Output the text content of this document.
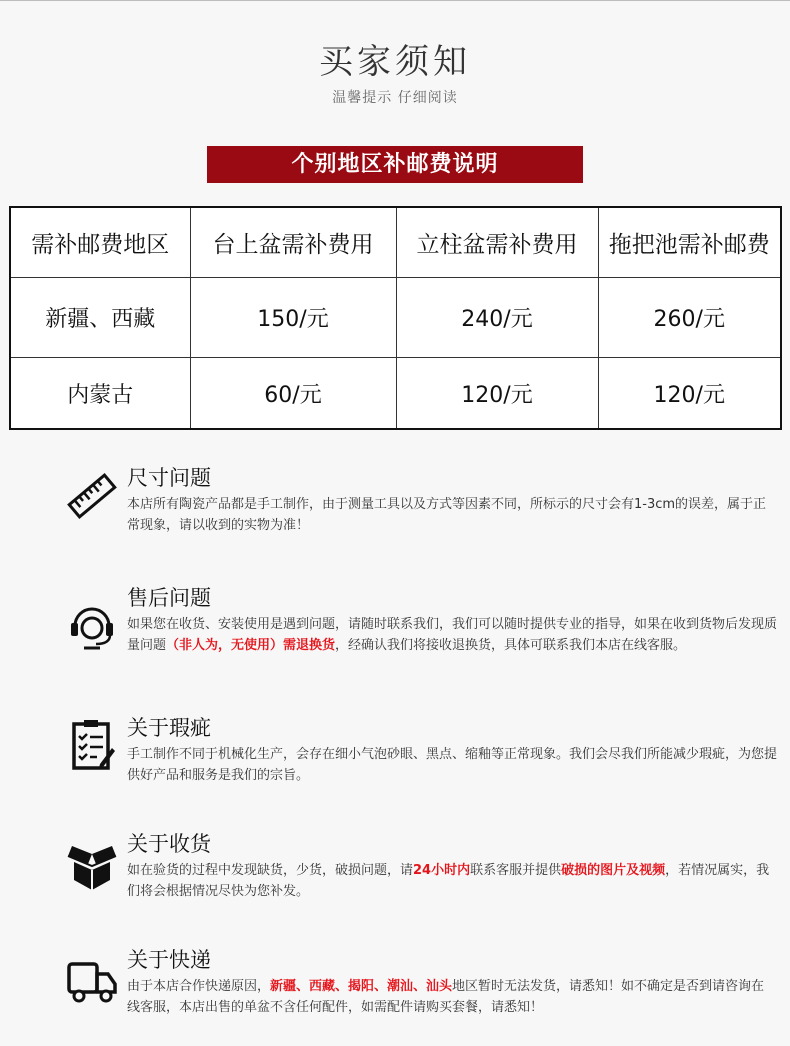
买家须知
温馨提示 仔细阅读
个别地区补邮费说明
需补邮费地区	台上盆需补费用	立柱盆需补费用	拖把池需补邮费
新疆、西藏	150/元	240/元	260/元
内蒙古	60/元	120/元	120/元
尺寸问题
本店所有陶瓷产品都是手工制作，由于测量工具以及方式等因素不同，所标示的尺寸会有1-3cm的误差，属于正常现象，请以收到的实物为准！
售后问题
如果您在收货、安装使用是遇到问题，请随时联系我们，我们可以随时提供专业的指导，如果在收到货物后发现质量问题（非人为，无使用）需退换货，经确认我们将接收退换货，具体可联系我们本店在线客服。
关于瑕疵
手工制作不同于机械化生产，会存在细小气泡砂眼、黑点、缩釉等正常现象。我们会尽我们所能减少瑕疵，为您提供好产品和服务是我们的宗旨。
关于收货
如在验货的过程中发现缺货，少货，破损问题，请24小时内联系客服并提供破损的图片及视频，若情况属实，我们将会根据情况尽快为您补发。
关于快递
由于本店合作快递原因，新疆、西藏、揭阳、潮汕、汕头地区暂时无法发货，请悉知！如不确定是否到请咨询在线客服，本店出售的单盆不含任何配件，如需配件请购买套餐，请悉知！
